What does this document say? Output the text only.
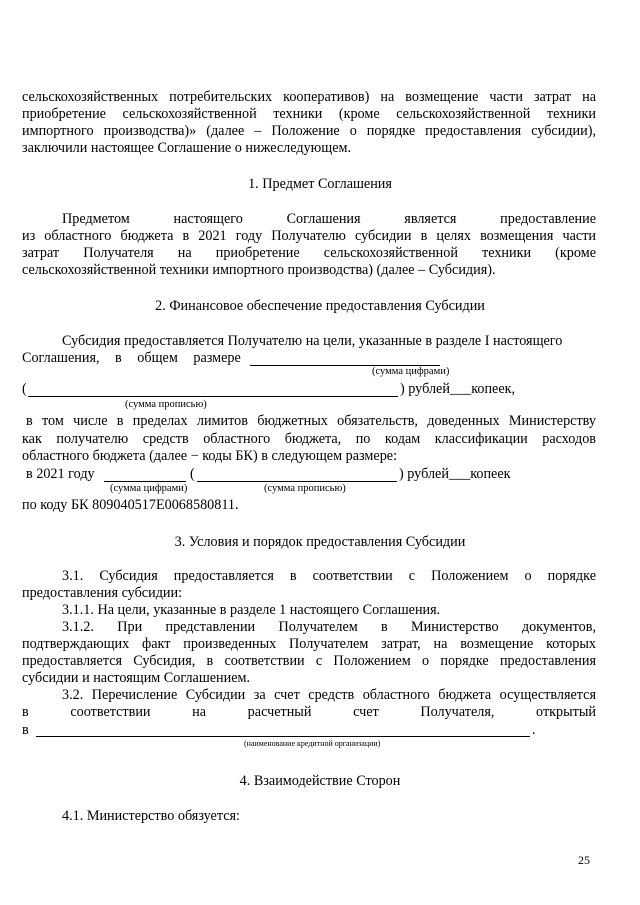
сельскохозяйственных потребительских кооперативов) на возмещение части затрат на
приобретение сельскохозяйственной техники (кроме сельскохозяйственной техники
импортного производства)» (далее – Положение о порядке предоставления субсидии),
заключили настоящее Соглашение о нижеследующем.
1. Предмет Соглашения
Предметом настоящего Соглашения является предоставление
из областного бюджета в 2021 году Получателю субсидии в целях возмещения части
затрат Получателя на приобретение сельскохозяйственной техники (кроме
сельскохозяйственной техники импортного производства) (далее – Субсидия).
2. Финансовое обеспечение предоставления Субсидии
Субсидия предоставляется Получателю на цели, указанные в разделе I настоящего
Соглашения, в общем размере
(сумма цифрами)
(	) рублей___копеек,
(сумма прописью)
в том числе в пределах лимитов бюджетных обязательств, доведенных Министерству
как получателю средств областного бюджета, по кодам классификации расходов
областного бюджета (далее − коды БК) в следующем размере:
в 2021 году	(	) рублей___копеек
(сумма цифрами)	(сумма прописью)
по коду БК 809040517Е0068580811.
3. Условия и порядок предоставления Субсидии
3.1. Субсидия предоставляется в соответствии с Положением о порядке
предоставления субсидии:
3.1.1. На цели, указанные в разделе 1 настоящего Соглашения.
3.1.2. При представлении Получателем в Министерство документов,
подтверждающих факт произведенных Получателем затрат, на возмещение которых
предоставляется Субсидия, в соответствии с Положением о порядке предоставления
субсидии и настоящим Соглашением.
3.2. Перечисление Субсидии за счет средств областного бюджета осуществляется
в соответствии на расчетный счет Получателя, открытый
в	.
(наименование кредитной организации)
4. Взаимодействие Сторон
4.1. Министерство обязуется:
25
